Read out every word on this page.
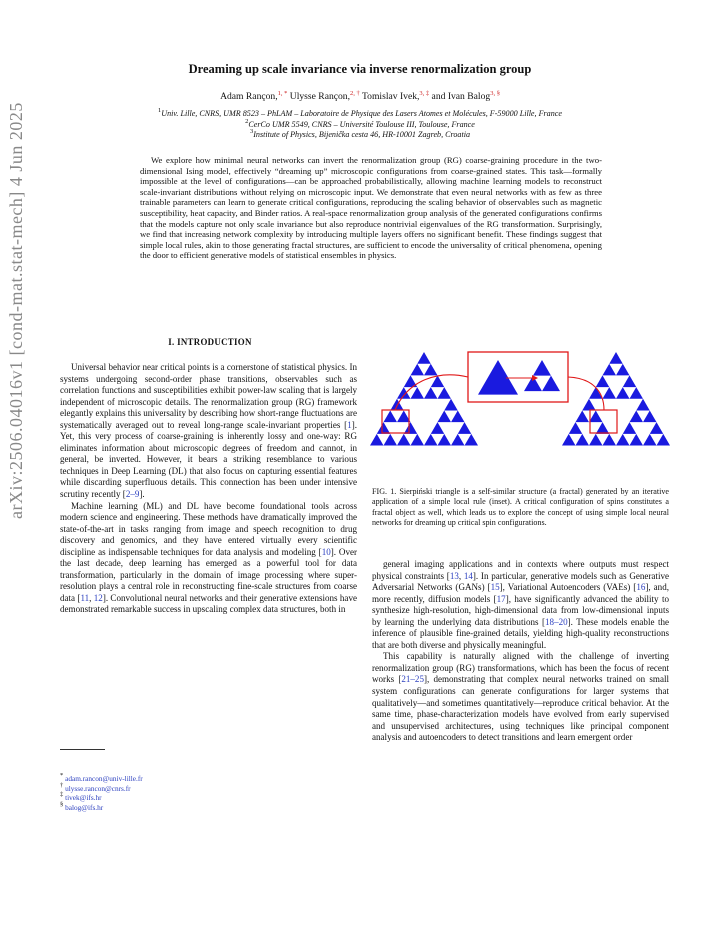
arXiv:2506.04016v1 [cond-mat.stat-mech] 4 Jun 2025
Dreaming up scale invariance via inverse renormalization group
Adam Rançon,$^{1, *}$ Ulysse Rançon,$^{2, \dagger}$ Tomislav Ivek,$^{3, \ddagger}$ and Ivan Balog$^{3, \S}$
$^1$Univ. Lille, CNRS, UMR 8523 – PhLAM – Laboratoire de Physique des Lasers Atomes et Molécules, F-59000 Lille, France
$^2$CerCo UMR 5549, CNRS – Université Toulouse III, Toulouse, France
$^3$Institute of Physics, Bijenička cesta 46, HR-10001 Zagreb, Croatia

We explore how minimal neural networks can invert the renormalization group (RG) coarse-graining procedure in the two-dimensional Ising model, effectively “dreaming up” microscopic configurations from coarse-grained states. This task—formally impossible at the level of configurations—can be approached probabilistically, allowing machine learning models to reconstruct scale-invariant distributions without relying on microscopic input. We demonstrate that even neural networks with as few as three trainable parameters can learn to generate critical configurations, reproducing the scaling behavior of observables such as magnetic susceptibility, heat capacity, and Binder ratios. A real-space renormalization group analysis of the generated configurations confirms that the models capture not only scale invariance but also reproduce nontrivial eigenvalues of the RG transformation. Surprisingly, we find that increasing network complexity by introducing multiple layers offers no significant benefit. These findings suggest that simple local rules, akin to those generating fractal structures, are sufficient to encode the universality of critical phenomena, opening the door to efficient generative models of statistical ensembles in physics.

I. INTRODUCTION

Universal behavior near critical points is a cornerstone of statistical physics. In systems undergoing second-order phase transitions, observables such as correlation functions and susceptibilities exhibit power-law scaling that is largely independent of microscopic details. The renormalization group (RG) framework elegantly explains this universality by describing how short-range fluctuations are systematically averaged out to reveal long-range scale-invariant properties [1]. Yet, this very process of coarse-graining is inherently lossy and one-way: RG eliminates information about microscopic degrees of freedom and cannot, in general, be inverted. However, it bears a striking resemblance to various techniques in Deep Learning (DL) that also focus on capturing essential features while discarding superfluous details. This connection has been under intensive scrutiny recently [2–9].

Machine learning (ML) and DL have become foundational tools across modern science and engineering. These methods have dramatically improved the state-of-the-art in tasks ranging from image and speech recognition to drug discovery and genomics, and they have entered virtually every scientific discipline as indispensable techniques for data analysis and modeling [10]. Over the last decade, deep learning has emerged as a powerful tool for data transformation, particularly in the domain of image processing where super-resolution plays a central role in reconstructing fine-scale structures from coarse data [11, 12]. Convolutional neural networks and their generative extensions have demonstrated remarkable success in upscaling complex data structures, both in

FIG. 1. Sierpiński triangle is a self-similar structure (a fractal) generated by an iterative application of a simple local rule (inset). A critical configuration of spins constitutes a fractal object as well, which leads us to explore the concept of using simple local neural networks for dreaming up critical spin configurations.

general imaging applications and in contexts where outputs must respect physical constraints [13, 14]. In particular, generative models such as Generative Adversarial Networks (GANs) [15], Variational Autoencoders (VAEs) [16], and, more recently, diffusion models [17], have significantly advanced the ability to synthesize high-resolution, high-dimensional data from low-dimensional inputs by learning the underlying data distributions [18–20]. These models enable the inference of plausible fine-grained details, yielding high-quality reconstructions that are both diverse and physically meaningful.

This capability is naturally aligned with the challenge of inverting renormalization group (RG) transformations, which has been the focus of recent works [21–25], demonstrating that complex neural networks trained on small system configurations can generate configurations for larger systems that qualitatively—and sometimes quantitatively—reproduce critical behavior. At the same time, phase-characterization models have evolved from early supervised and unsupervised architectures, using techniques like principal component analysis and autoencoders to detect transitions and learn emergent order

* adam.rancon@univ-lille.fr
† ulysse.rancon@cnrs.fr
‡ tivek@ifs.hr
§ balog@ifs.hr
